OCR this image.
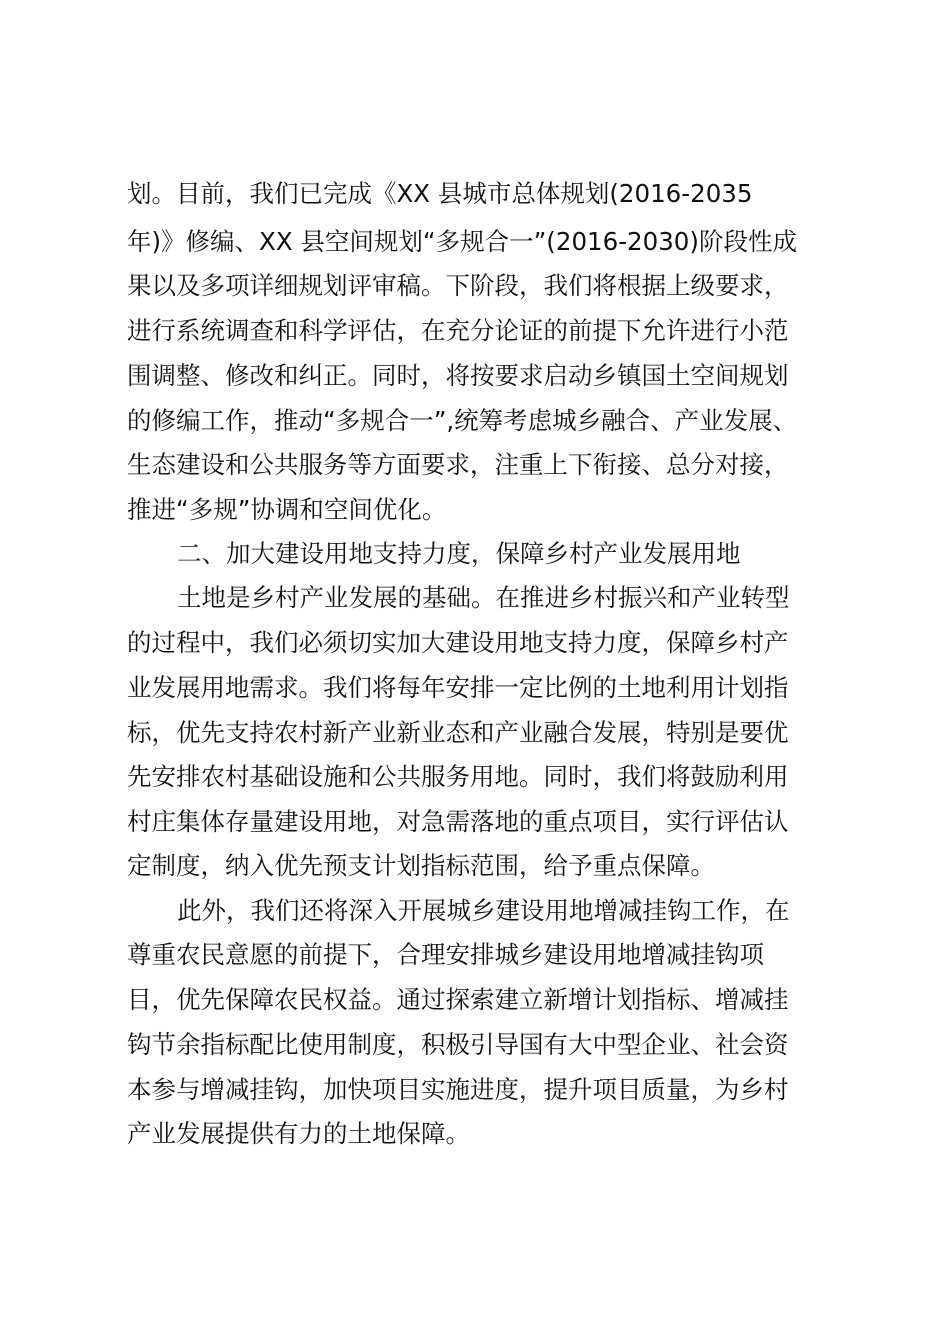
划。目前，我们已完成《XX 县城市总体规划(2016-2035
年)》修编、XX 县空间规划“多规合一”(2016-2030)阶段性成
果以及多项详细规划评审稿。下阶段，我们将根据上级要求，
进行系统调查和科学评估，在充分论证的前提下允许进行小范
围调整、修改和纠正。同时，将按要求启动乡镇国土空间规划
的修编工作，推动“多规合一”,统筹考虑城乡融合、产业发展、
生态建设和公共服务等方面要求，注重上下衔接、总分对接，
推进“多规”协调和空间优化。
二、加大建设用地支持力度，保障乡村产业发展用地
土地是乡村产业发展的基础。在推进乡村振兴和产业转型
的过程中，我们必须切实加大建设用地支持力度，保障乡村产
业发展用地需求。我们将每年安排一定比例的土地利用计划指
标，优先支持农村新产业新业态和产业融合发展，特别是要优
先安排农村基础设施和公共服务用地。同时，我们将鼓励利用
村庄集体存量建设用地，对急需落地的重点项目，实行评估认
定制度，纳入优先预支计划指标范围，给予重点保障。
此外，我们还将深入开展城乡建设用地增减挂钩工作，在
尊重农民意愿的前提下，合理安排城乡建设用地增减挂钩项
目，优先保障农民权益。通过探索建立新增计划指标、增减挂
钩节余指标配比使用制度，积极引导国有大中型企业、社会资
本参与增减挂钩，加快项目实施进度，提升项目质量，为乡村
产业发展提供有力的土地保障。
